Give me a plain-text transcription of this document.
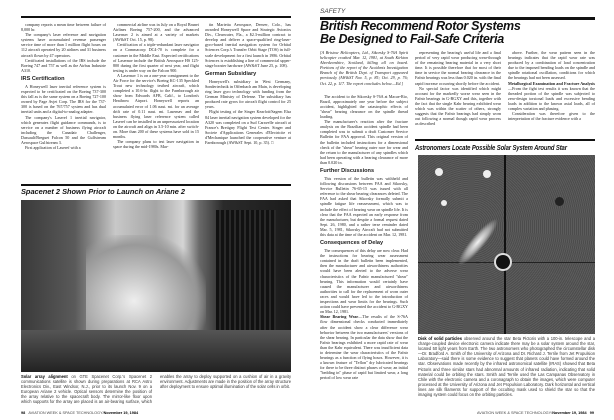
company reports a mean time between failure of 8,000 hr.

The company's laser reference and navigation systems have accumulated revenue passenger service time of more than 1 million flight hours on 112 aircraft operated by 20 airlines and 31 business aircraft flown by 47 operators.

Certificated installations of the IRS include the Boeing 747 and 757 as well as the Airbus Industrie A310.

IRS Certification

A Honeywell laser inertial reference system is expected to be certificated on the Boeing 737-300 this fall as is the same system on a Boeing 727-100 owned by Page Avjet Corp. The IRS for the 737-300 is based on the 767/757 system and has dual inertial units and a digital-to-analog adapter.

The company's Laseref 1 inertial navigator, which generates flight guidance commands, is to service on a number of business flying aircraft including the Canadair Challenger, Dassault/Breguet Falcon 50 and the Gulfstream Aerospace Gulfstream 3.

First application of Laseref with a

commercial airline was in July on a Royal Brunei Airlines Boeing 757-200, and the advanced Lasernav 2 is aimed at a variety of markets (AW&ST Oct. 15, p. 98).

Certification of a triple-redundant laser navigator on a Commacorp DC4-70 is complete for a customer in the Middle East. Expected certifications of Lasernav include the British Aerospace HS 125-800 during the first quarter of next year, and flight testing is under way on the Falcon 900.

A Lasernav 1 is on a one-year consignment to the Air Force for the service's Boeing KC-135 Speckled Trout new technology testbed aircraft, which completed a 10.6-hr. flight to the Farnborough air show from Edwards AFB, Calif., to London's Heathrow Airport. Honeywell reports an accumulated error of 1.06 naut. mi. for an average drift rate of 0.11 naut. mi. Lasernav and the business flying laser reference system called Laseref can be installed in an unpressurized location on the aircraft and align in 3.5-10 min. after switch-on. More than 200 of these systems have sold in 15 months.

The company plans to test laser navigation in space during the mid-1980s. Mar-

tin Marietta Aerospace, Denver, Colo., has awarded Honeywell Space and Strategic Avionics Div., Clearwater, Fla., a $2.3-million contract to develop and deliver a space-qualified ring-laser-gyro-based inertial navigation system for Orbital Sciences Corp.'s Transfer Orbit Stage (TOS) in full-scale development for a first launch in 1986. Orbital Sciences is establishing a line of commercial upper-stage booster hardware (AW&ST June 25, p. 108).

German Subsidiary

Honeywell's subsidiary in West Germany, Sondertechnik in Offenbach am Main, is developing ring laser gyro technology with funding from the German Ministry of Defense. The subsidiary has produced rate gyros for aircraft flight control for 25 years.

Flight testing of the Singer Kearfott/Sagem Elsa 84 laser inertial navigation system developed for the A320 was completed on a Sud Caravelle aircraft at France's Bretigny Flight Test Center. Singer and Societe d'Applications Generales d'Electricite et d'Mechanique launched the cooperative venture at Farnborough (AW&ST Sept. 10, p. 35). □

Spacenet 2 Shown Prior to Launch on Ariane 2
Solar array alignment on GTE Spacenet Corp.'s Spacenet 2 communications satellite is shown during preparations at RCA Astro Electronics Div., East Windsor, N.J., prior to its launch Nov. 9 on a European Ariane 2 vehicle. Optical sensors determine the position of the array relative to the spacecraft body. The mirror-like floor upon which supports for the array are placed is an air-bearing surface, which enables the array to deploy supported on a cushion of air in a gravity environment. Adjustments are made in the position of the array structure after deployment to ensure optimal illumination of the solar cells in orbit.
98 AVIATION WEEK & SPACE TECHNOLOGY/November 19, 1984
SAFETY
British Recommend Rotor Systems
Be Designed to Fail-Safe Criteria
[A Bristow Helicopters, Ltd., Sikorsky S-76A Spirit helicopter crashed Mar. 12, 1981, at South Kirkton Aberdeenshire, Scotland, killing all on board. Portions of the report of the Accidents Investigation Branch of the British Dept. of Transport appeared previously (AW&ST Nov. 5, p. 85; Oct. 29, p. 76; Oct. 22, p. 117. The report concludes below.—Ed.]

The accident to the Sikorsky S-76A at Macae-Rio, Brazil, approximately one year before the subject accident, highlighted the catastrophic effects of "shear" bearing clearance on the spindle thread loading.

The manufacturer's reaction after the fracture analysis on the Brazilian accident spindle had been completed was to submit a draft Customer Service Bulletin for FAA approval. This original version of the bulletin included instructions for a dimensional check of the "shear" bearing outer race for wear and the return to the manufacturer of any spindles which had been operating with a bearing clearance of more than 0.020 in.

Further Discussions

This version of the bulletin was withheld and following discussions between FAA and Sikorsky, Service Bulletin 76-65-15 was issued with all reference to the shear bearing clearances deleted. The FAA had asked that Sikorsky formally submit a spindle fatigue life reassessment, which was to include the effect of bearing wear on spindle life. It is clear that the FAA expected an early response from the manufacturer, but despite a formal request dated Sept. 26, 1980, and a rather terse reminder dated Mar. 5, 1981, Sikorsky Aircraft had not submitted this data at the time of the accident on Mar. 12, 1981.

Consequences of Delay

The consequences of this delay are now clear. Had the instructions for bearing wear assessment contained in the draft bulletin been implemented, then the manufacturer and airworthiness authorities would have been alerted to the adverse wear characteristics of the Fafnir manufactured "shear" bearing. This information would certainly have caused the manufacturer and airworthiness authorities to call for the replacement of worn outer races and would have led to the introduction of inspections and wear limits for the bearings. Such action could have prevented the accident to G-BGXY on Mar. 12, 1981.

Shear Bearing Wear—The results of the S-76A flow dimensional checks conducted immediately after the accident show a clear difference wear behavior between the two manufacturers' versions of the shear bearing. In particular the data show that the Fafnir bearings exhibited a more rapid rate of wear than the Kahr equivalent. There was insufficient data to determine the wear characteristics of the Fafnir bearings as a function of flying hours. However, it is a known feature of "Teflon" dry lubricated bearings for there to be three distinct phases of wear; an initial "bedding in" phase of rapid but limited wear, a long period of low wear rate

representing the bearing's useful life and a final period of very rapid wear producing wear-through of the remaining bearing material in a very short time. It is possible therefore that for most of their time in service the normal bearing clearance in the Fafnir bearings was less than 0.020 in. with the final rapid increase occurring shortly before the accident.

No special factor was identified which might account for the markedly worse wear seen in the Fafnir bearings in G-BGXY and this, together with the fact that the single Kahr bearing exhibited wear which was within the scatter of others, strongly suggests that the Fafnir bearings had simply worn out following a normal though rapid wear process as described

above. Further, the wear pattern seen in the bearings indicates that the rapid wear rate was produced by a combination of load concentration due to the imposed bending loads on the spindle and spindle rotational oscillation, conditions for which the bearings had not been assessed.

Metallurgical Examination and Fracture Analysis—From the fight test results it was known that the threaded portion of the spindle was subjected to zero-design torsional loads and excessive bending loads in addition to the known axial loads, all of complex variation and phasing.

Consideration was therefore given to the interpretation of the fracture evidence with a

Astronomers Locate Possible Solar System Around Star
Disk of solid particles observed around the star Beta Pictoris with a 100-in. telescope and a charge-coupled device electronic camera indicate there may be a solar system around the star, located 50 light years from Earth. The two astronomers who photographed the circumstellar disk—Dr. Bradford A. Smith of the University of Arizona and Dr. Richard J. Terrile from Jet Propulsion Laboratory—said there is some evidence to suggest that planets could have formed around the star. Observations made recently by the infrared astronomical satellite (IRAS) showed that Beta Pictoris and three similar stars had abnormal amounts of infrared radiation, indicating that solid material could be orbiting the stars. Smith and Terrile used the Las Campanas Observatory in Chile with the electronic camera and a coronagraph to obtain the images, which were computer processed at the University of Arizona and Jet Propulsion Laboratory. Dark horizontal and vertical lines are silk filaments for support of the occulting mask used to shield the star so that the imaging system could focus on the orbiting particles.
AVIATION WEEK & SPACE TECHNOLOGY/November 19, 1984 99
